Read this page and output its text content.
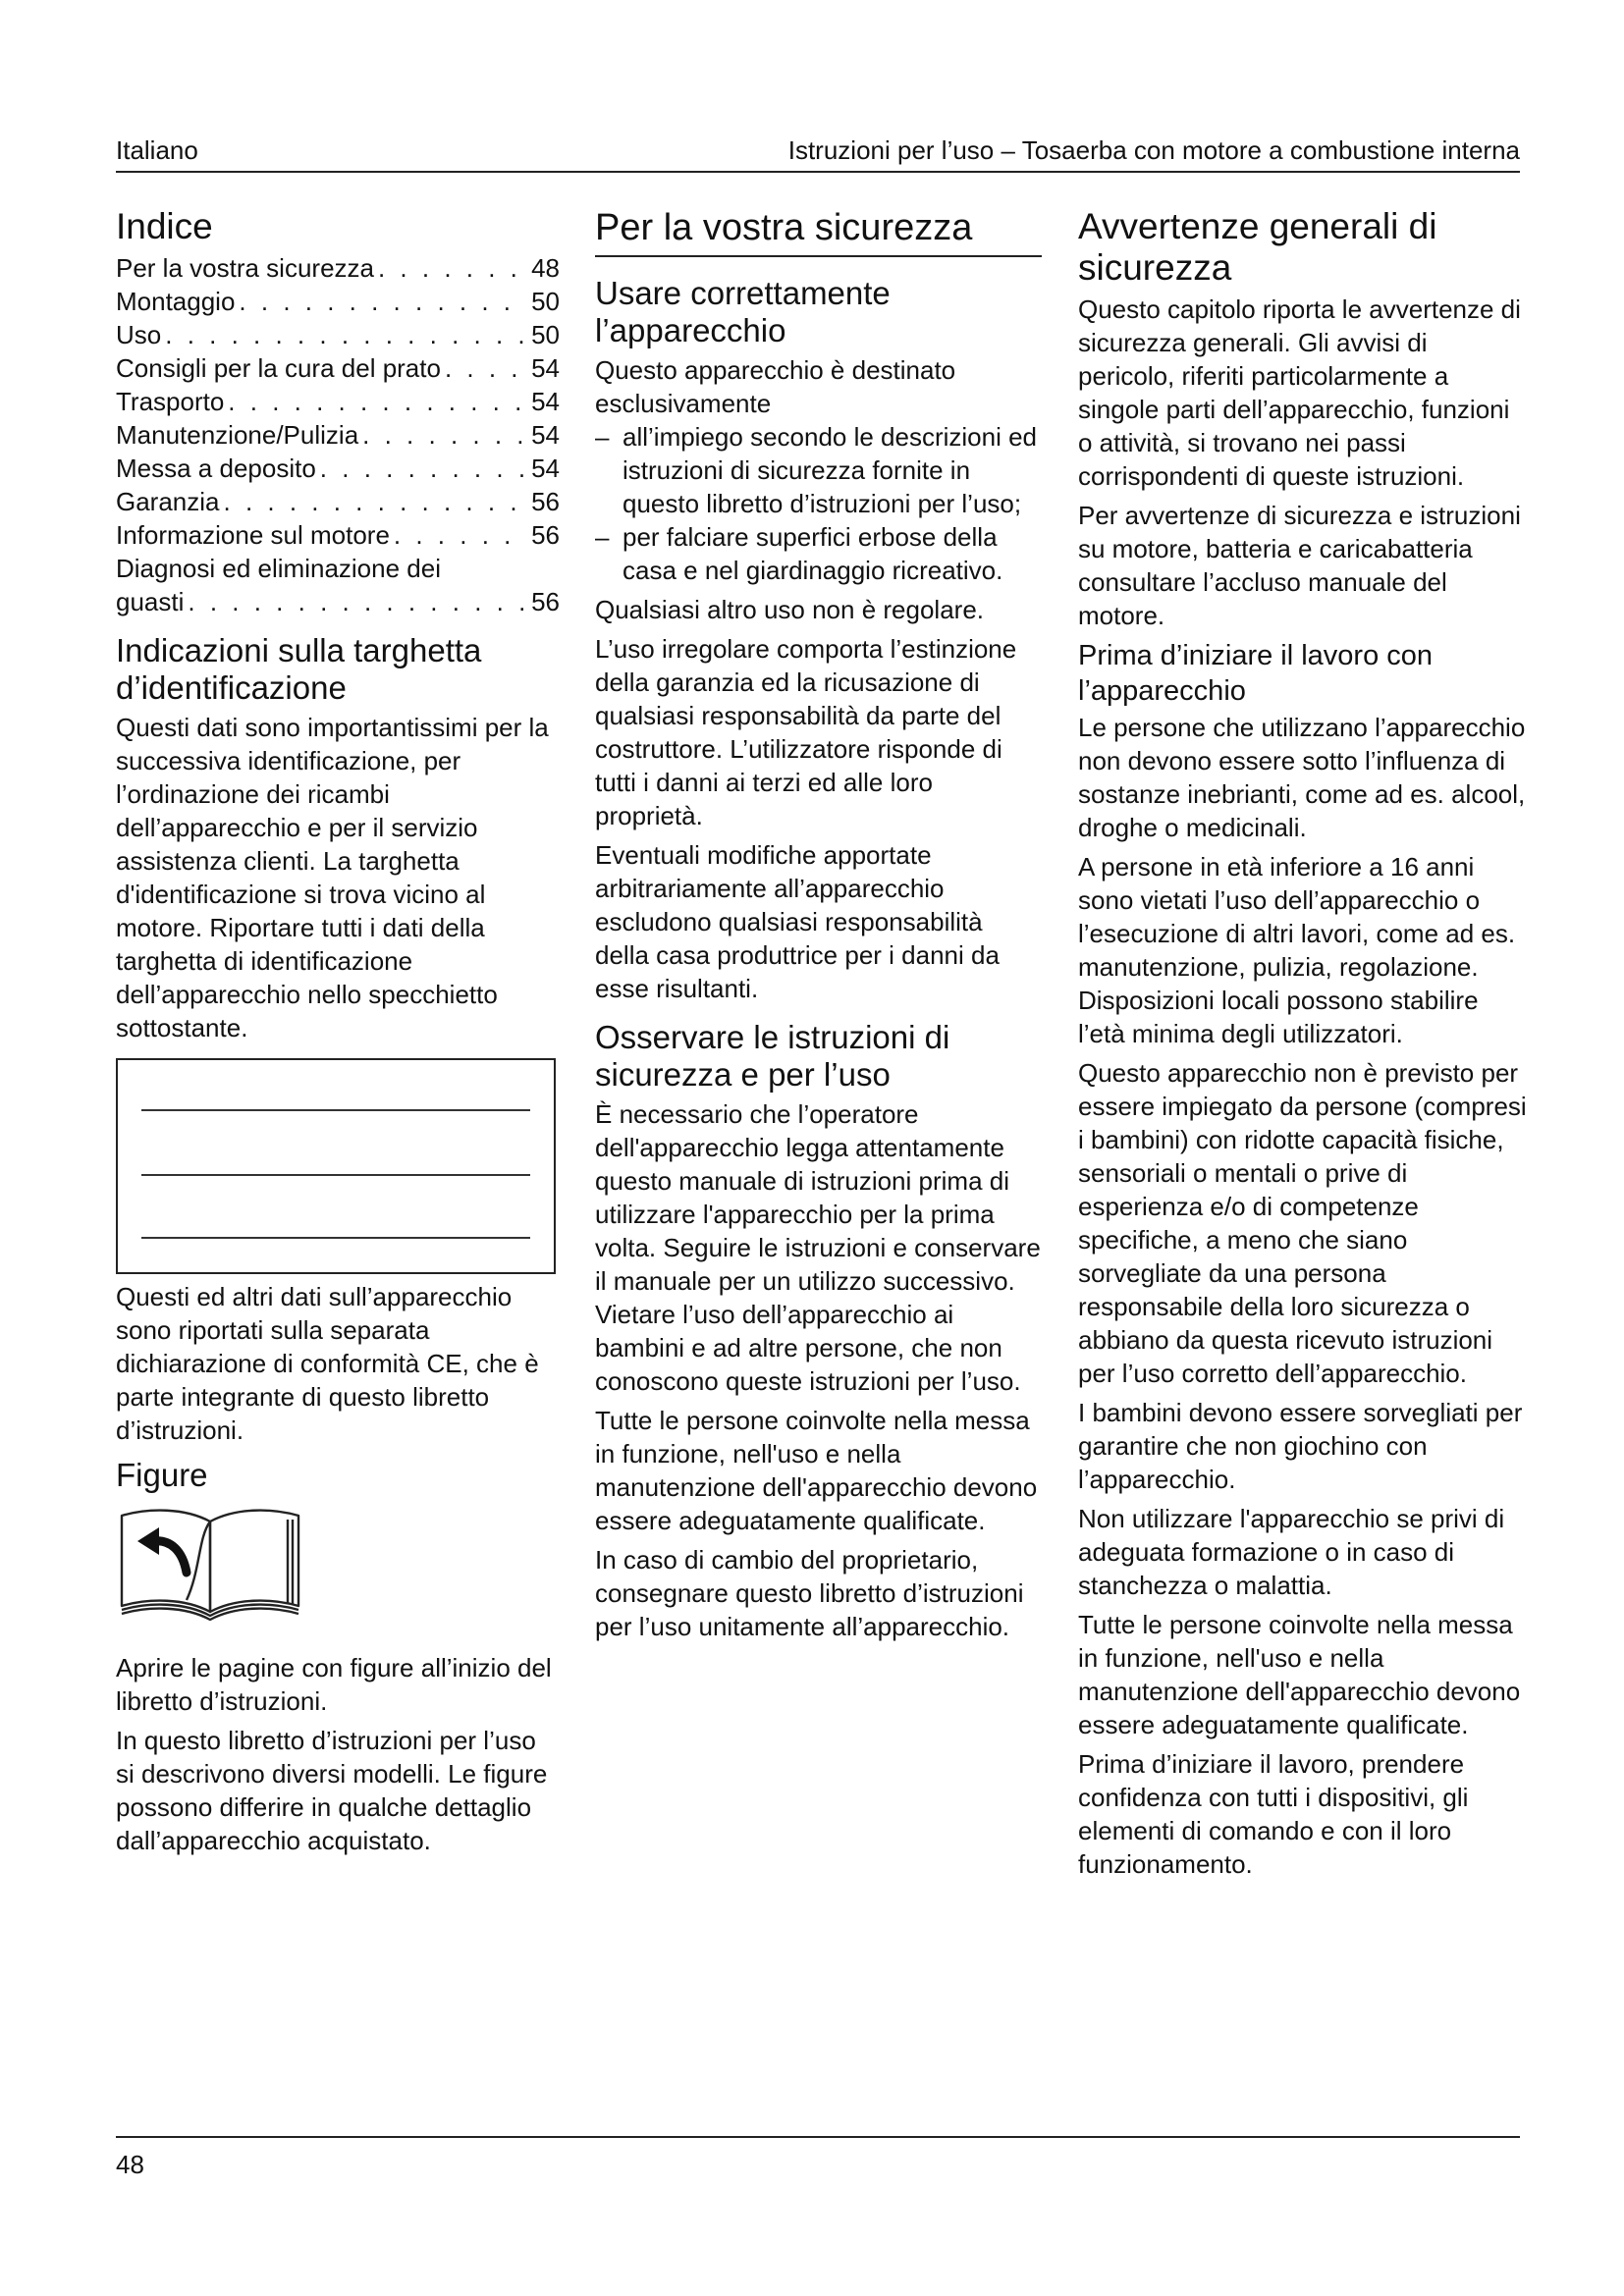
Italiano	Istruzioni per l’uso – Tosaerba con motore a combustione interna
Indice
Per la vostra sicurezza . . .	48
Montaggio . . .	50
Uso . . .	50
Consigli per la cura del prato . . .	54
Trasporto . . .	54
Manutenzione/Pulizia . . .	54
Messa a deposito . . .	54
Garanzia . . .	56
Informazione sul motore . . .	56
Diagnosi ed eliminazione dei
guasti . . .	56
Indicazioni sulla targhetta d’identificazione
Questi dati sono importantissimi per la successiva identificazione, per l’ordinazione dei ricambi dell’apparecchio e per il servizio assistenza clienti. La targhetta d'identificazione si trova vicino al motore. Riportare tutti i dati della targhetta di identificazione dell’apparecchio nello specchietto sottostante.
Questi ed altri dati sull’apparecchio sono riportati sulla separata dichiarazione di conformità CE, che è parte integrante di questo libretto d’istruzioni.
Figure
Aprire le pagine con figure all’inizio del libretto d’istruzioni.
In questo libretto d’istruzioni per l’uso si descrivono diversi modelli. Le figure possono differire in qualche dettaglio dall’apparecchio acquistato.
Per la vostra sicurezza
Usare correttamente l’apparecchio
Questo apparecchio è destinato esclusivamente
– all’impiego secondo le descrizioni ed istruzioni di sicurezza fornite in questo libretto d’istruzioni per l’uso;
– per falciare superfici erbose della casa e nel giardinaggio ricreativo.
Qualsiasi altro uso non è regolare.
L’uso irregolare comporta l’estinzione della garanzia ed la ricusazione di qualsiasi responsabilità da parte del costruttore. L’utilizzatore risponde di tutti i danni ai terzi ed alle loro proprietà.
Eventuali modifiche apportate arbitrariamente all’apparecchio escludono qualsiasi responsabilità della casa produttrice per i danni da esse risultanti.
Osservare le istruzioni di sicurezza e per l’uso
È necessario che l’operatore dell'apparecchio legga attentamente questo manuale di istruzioni prima di utilizzare l'apparecchio per la prima volta. Seguire le istruzioni e conservare il manuale per un utilizzo successivo. Vietare l’uso dell’apparecchio ai bambini e ad altre persone, che non conoscono queste istruzioni per l’uso.
Tutte le persone coinvolte nella messa in funzione, nell'uso e nella manutenzione dell'apparecchio devono essere adeguatamente qualificate.
In caso di cambio del proprietario, consegnare questo libretto d’istruzioni per l’uso unitamente all’apparecchio.
Avvertenze generali di sicurezza
Questo capitolo riporta le avvertenze di sicurezza generali. Gli avvisi di pericolo, riferiti particolarmente a singole parti dell’apparecchio, funzioni o attività, si trovano nei passi corrispondenti di queste istruzioni.
Per avvertenze di sicurezza e istruzioni su motore, batteria e caricabatteria consultare l’accluso manuale del motore.
Prima d’iniziare il lavoro con l’apparecchio
Le persone che utilizzano l’apparecchio non devono essere sotto l’influenza di sostanze inebrianti, come ad es. alcool, droghe o medicinali.
A persone in età inferiore a 16 anni sono vietati l’uso dell’apparecchio o l’esecuzione di altri lavori, come ad es. manutenzione, pulizia, regolazione. Disposizioni locali possono stabilire l’età minima degli utilizzatori.
Questo apparecchio non è previsto per essere impiegato da persone (compresi i bambini) con ridotte capacità fisiche, sensoriali o mentali o prive di esperienza e/o di competenze specifiche, a meno che siano sorvegliate da una persona responsabile della loro sicurezza o abbiano da questa ricevuto istruzioni per l’uso corretto dell’apparecchio.
I bambini devono essere sorvegliati per garantire che non giochino con l’apparecchio.
Non utilizzare l'apparecchio se privi di adeguata formazione o in caso di stanchezza o malattia.
Tutte le persone coinvolte nella messa in funzione, nell'uso e nella manutenzione dell'apparecchio devono essere adeguatamente qualificate.
Prima d’iniziare il lavoro, prendere confidenza con tutti i dispositivi, gli elementi di comando e con il loro funzionamento.
48
